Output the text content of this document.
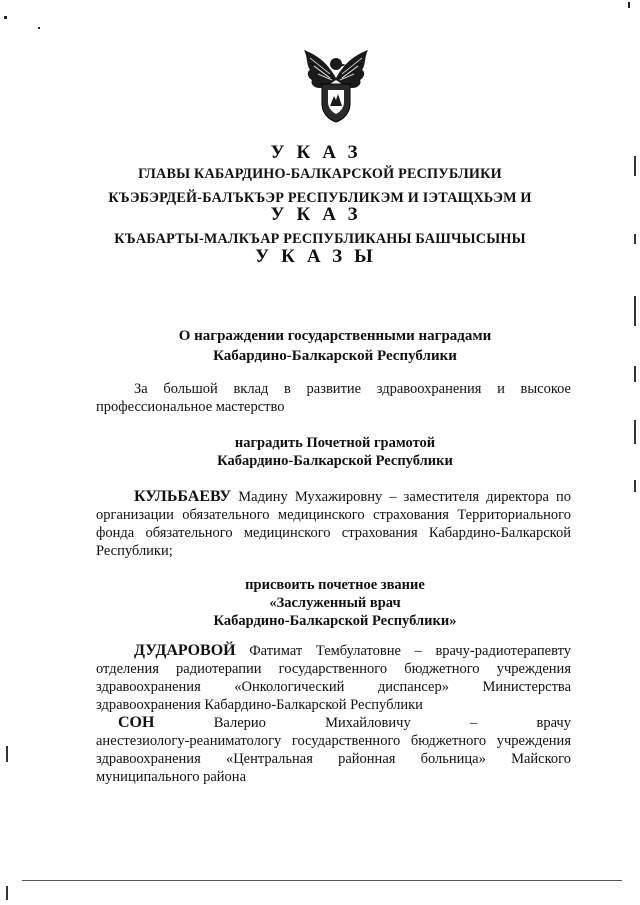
УКАЗ
ГЛАВЫ КАБАРДИНО-БАЛКАРСКОЙ РЕСПУБЛИКИ
КЪЭБЭРДЕЙ-БАЛЪКЪЭР РЕСПУБЛИКЭМ И IЭТАЩХЬЭМ И
УКАЗ
КЪАБАРТЫ-МАЛКЪАР РЕСПУБЛИКАНЫ БАШЧЫСЫНЫ
УКАЗЫ
О награждении государственными наградами
Кабардино-Балкарской Республики
За большой вклад в развитие здравоохранения и высокое профессиональное мастерство
наградить Почетной грамотой
Кабардино-Балкарской Республики
КУЛЬБАЕВУ Мадину Мухажировну – заместителя директора по организации обязательного медицинского страхования Территориального фонда обязательного медицинского страхования Кабардино-Балкарской Республики;
присвоить почетное звание
«Заслуженный врач
Кабардино-Балкарской Республики»
ДУДАРОВОЙ Фатимат Тембулатовне – врачу-радиотерапевту отделения радиотерапии государственного бюджетного учреждения здравоохранения «Онкологический диспансер» Министерства здравоохранения Кабардино-Балкарской Республики
СОН	Валерио	Михайловичу	–	врачу
анестезиологу-реаниматологу государственного бюджетного учреждения здравоохранения «Центральная районная больница» Майского муниципального района
